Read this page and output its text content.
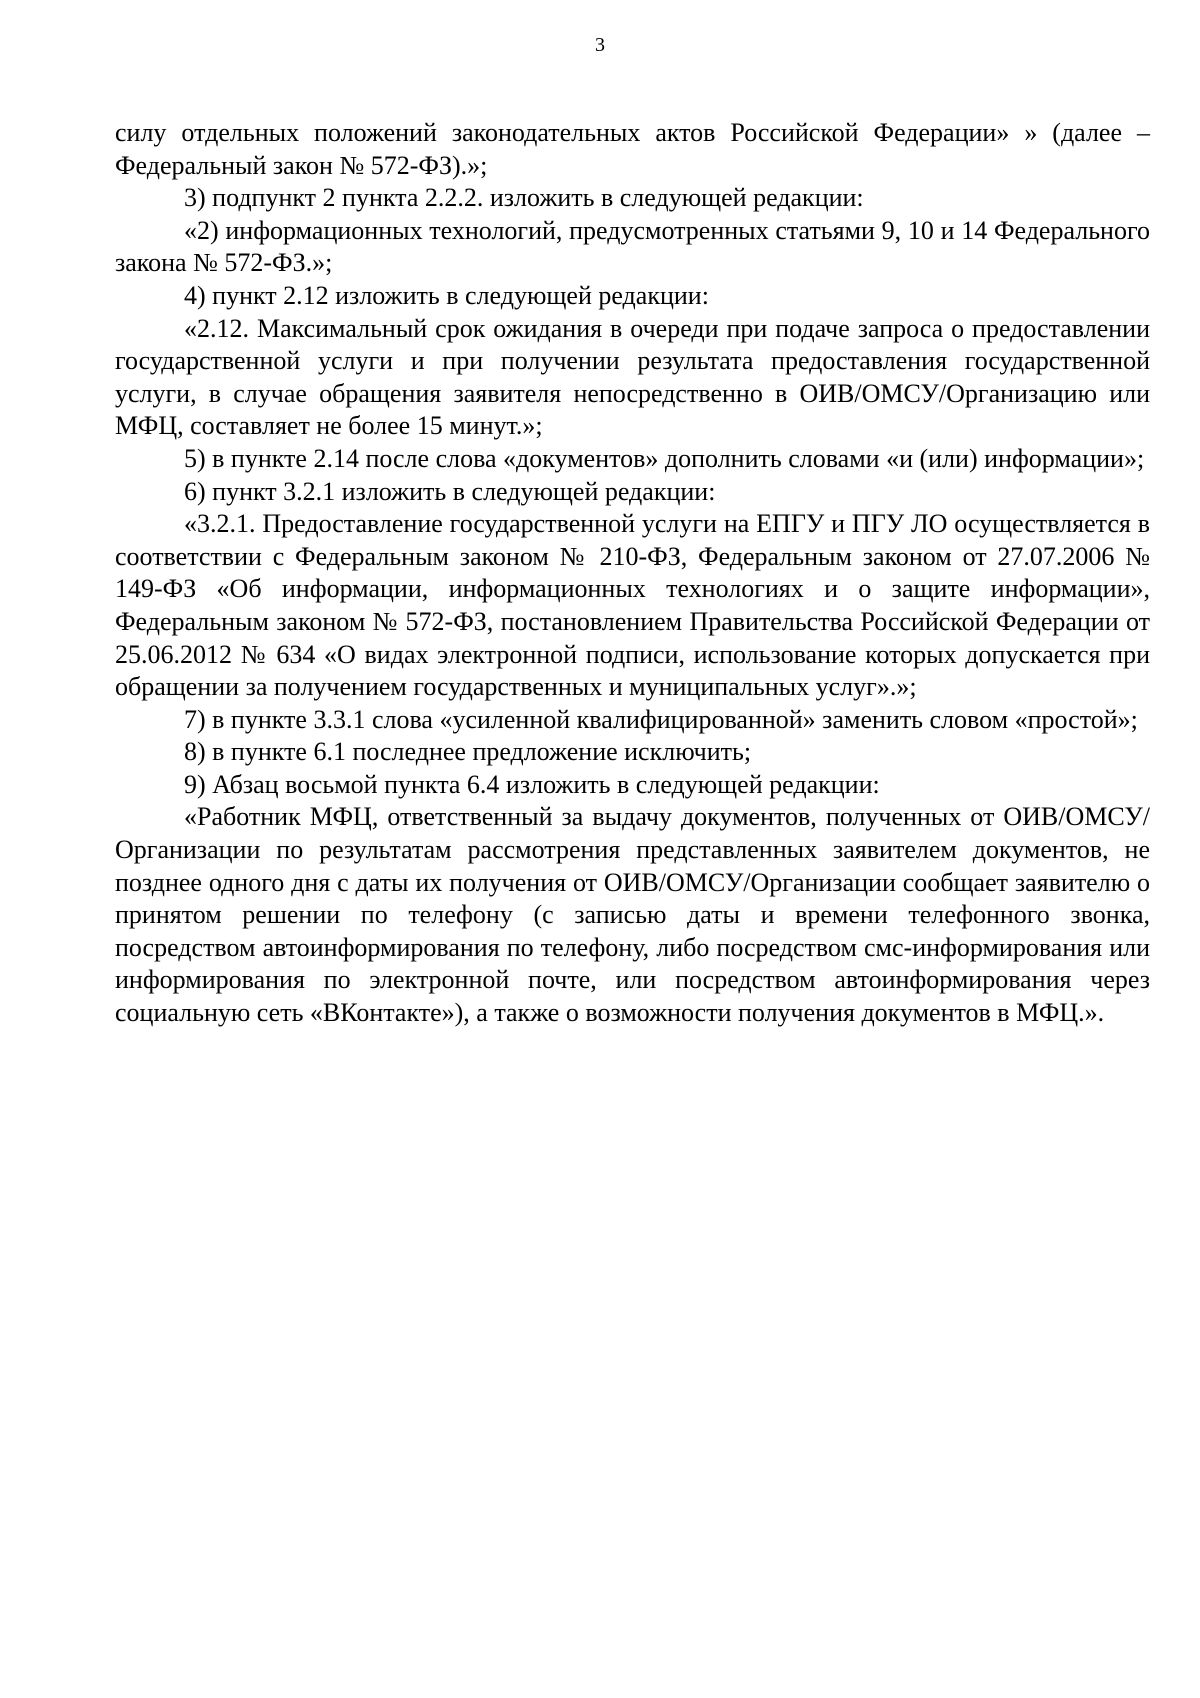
3

силу отдельных положений законодательных актов Российской Федерации» » (далее – Федеральный закон № 572-ФЗ).»;

3) подпункт 2 пункта 2.2.2. изложить в следующей редакции:

«2) информационных технологий, предусмотренных статьями 9, 10 и 14 Федерального закона № 572-ФЗ.»;

4) пункт 2.12 изложить в следующей редакции:

«2.12. Максимальный срок ожидания в очереди при подаче запроса о предоставлении государственной услуги и при получении результата предоставления государственной услуги, в случае обращения заявителя непосредственно в ОИВ/ОМСУ/Организацию или МФЦ, составляет не более 15 минут.»;

5) в пункте 2.14 после слова «документов» дополнить словами «и (или) информации»;

6) пункт 3.2.1 изложить в следующей редакции:

«3.2.1. Предоставление государственной услуги на ЕПГУ и ПГУ ЛО осуществляется в соответствии с Федеральным законом № 210-ФЗ, Федеральным законом от 27.07.2006 № 149-ФЗ «Об информации, информационных технологиях и о защите информации», Федеральным законом № 572-ФЗ, постановлением Правительства Российской Федерации от 25.06.2012 № 634 «О видах электронной подписи, использование которых допускается при обращении за получением государственных и муниципальных услуг».»;

7) в пункте 3.3.1 слова «усиленной квалифицированной» заменить словом «простой»;

8) в пункте 6.1 последнее предложение исключить;

9) Абзац восьмой пункта 6.4 изложить в следующей редакции:

«Работник МФЦ, ответственный за выдачу документов, полученных от ОИВ/ОМСУ/Организации по результатам рассмотрения представленных заявителем документов, не позднее одного дня с даты их получения от ОИВ/ОМСУ/Организации сообщает заявителю о принятом решении по телефону (с записью даты и времени телефонного звонка, посредством автоинформирования по телефону, либо посредством смс-информирования или информирования по электронной почте, или посредством автоинформирования через социальную сеть «ВКонтакте»), а также о возможности получения документов в МФЦ.».
